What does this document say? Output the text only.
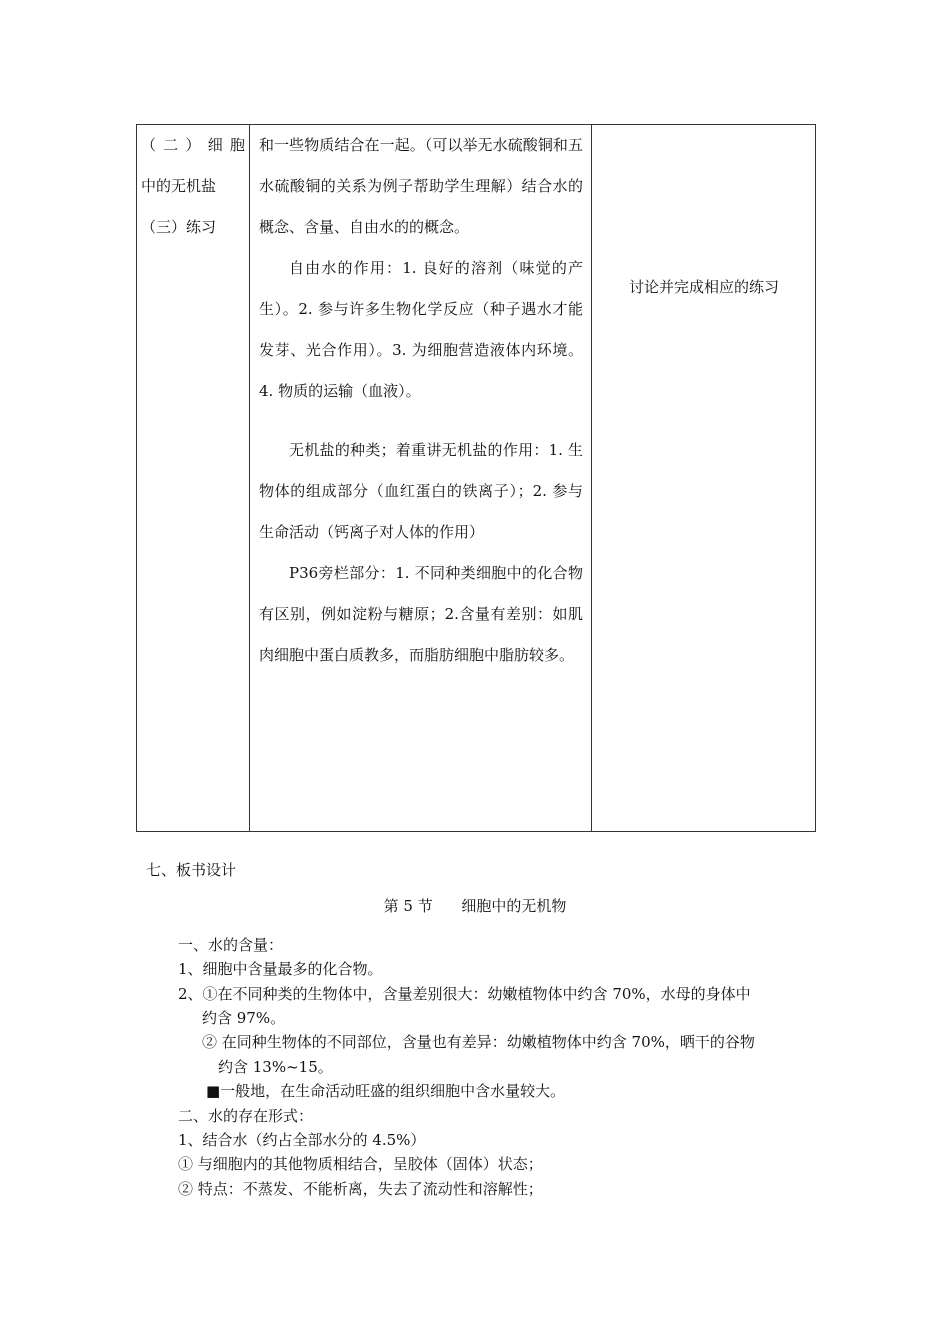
（二）细胞
中的无机盐
（三）练习

和一些物质结合在一起。（可以举无水硫酸铜和五水硫酸铜的关系为例子帮助学生理解）结合水的概念、含量、自由水的的概念。

自由水的作用：1. 良好的溶剂（味觉的产生）。2. 参与许多生物化学反应（种子遇水才能发芽、光合作用）。3. 为细胞营造液体内环境。4. 物质的运输（血液）。

无机盐的种类；着重讲无机盐的作用：1. 生物体的组成部分（血红蛋白的铁离子）；2. 参与生命活动（钙离子对人体的作用）

P36旁栏部分：1. 不同种类细胞中的化合物有区别，例如淀粉与糖原；2.含量有差别：如肌肉细胞中蛋白质教多，而脂肪细胞中脂肪较多。

讨论并完成相应的练习
七、板书设计
第 5 节      细胞中的无机物
一、水的含量：
1、细胞中含量最多的化合物。
2、①在不同种类的生物体中，含量差别很大：幼嫩植物体中约含 70%，水母的身体中
约含 97%。
② 在同种生物体的不同部位，含量也有差异：幼嫩植物体中约含 70%，晒干的谷物
约含 13%~15。
■一般地，在生命活动旺盛的组织细胞中含水量较大。
二、水的存在形式：
1、结合水（约占全部水分的 4.5%）
① 与细胞内的其他物质相结合，呈胶体（固体）状态；
② 特点：不蒸发、不能析离，失去了流动性和溶解性；
